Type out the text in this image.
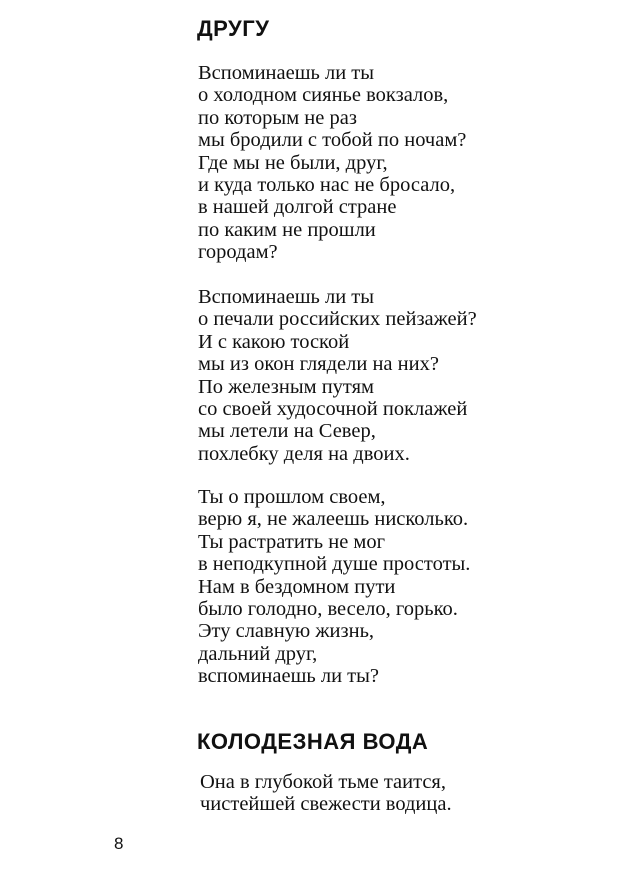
ДРУГУ
Вспоминаешь ли ты
о холодном сиянье вокзалов,
по которым не раз
мы бродили с тобой по ночам?
Где мы не были, друг,
и куда только нас не бросало,
в нашей долгой стране
по каким не прошли
городам?
Вспоминаешь ли ты
о печали российских пейзажей?
И с какою тоской
мы из окон глядели на них?
По железным путям
со своей худосочной поклажей
мы летели на Север,
похлебку деля на двоих.
Ты о прошлом своем,
верю я, не жалеешь нисколько.
Ты растратить не мог
в неподкупной душе простоты.
Нам в бездомном пути
было голодно, весело, горько.
Эту славную жизнь,
дальний друг,
вспоминаешь ли ты?
КОЛОДЕЗНАЯ ВОДА
Она в глубокой тьме таится,
чистейшей свежести водица.

8
